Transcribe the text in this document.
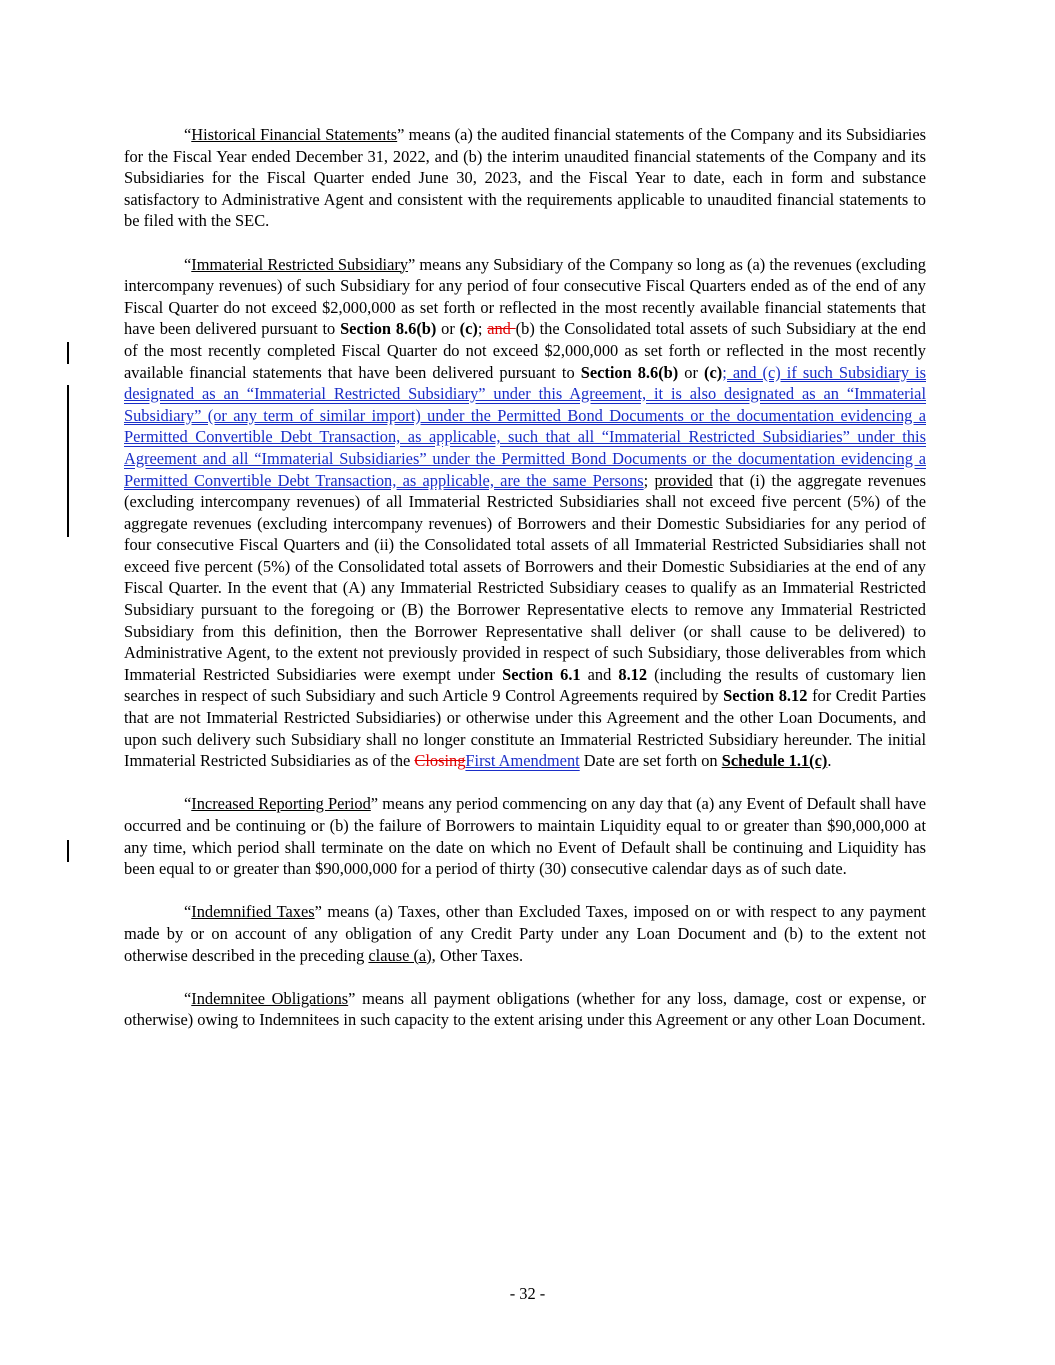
“Historical Financial Statements” means (a) the audited financial statements of the Company and its Subsidiaries for the Fiscal Year ended December 31, 2022, and (b) the interim unaudited financial statements of the Company and its Subsidiaries for the Fiscal Quarter ended June 30, 2023, and the Fiscal Year to date, each in form and substance satisfactory to Administrative Agent and consistent with the requirements applicable to unaudited financial statements to be filed with the SEC.

“Immaterial Restricted Subsidiary” means any Subsidiary of the Company so long as (a) the revenues (excluding intercompany revenues) of such Subsidiary for any period of four consecutive Fiscal Quarters ended as of the end of any Fiscal Quarter do not exceed $2,000,000 as set forth or reflected in the most recently available financial statements that have been delivered pursuant to Section 8.6(b) or (c); and (b) the Consolidated total assets of such Subsidiary at the end of the most recently completed Fiscal Quarter do not exceed $2,000,000 as set forth or reflected in the most recently available financial statements that have been delivered pursuant to Section 8.6(b) or (c); and (c) if such Subsidiary is designated as an “Immaterial Restricted Subsidiary” under this Agreement, it is also designated as an “Immaterial Subsidiary” (or any term of similar import) under the Permitted Bond Documents or the documentation evidencing a Permitted Convertible Debt Transaction, as applicable, such that all “Immaterial Restricted Subsidiaries” under this Agreement and all “Immaterial Subsidiaries” under the Permitted Bond Documents or the documentation evidencing a Permitted Convertible Debt Transaction, as applicable, are the same Persons; provided that (i) the aggregate revenues (excluding intercompany revenues) of all Immaterial Restricted Subsidiaries shall not exceed five percent (5%) of the aggregate revenues (excluding intercompany revenues) of Borrowers and their Domestic Subsidiaries for any period of four consecutive Fiscal Quarters and (ii) the Consolidated total assets of all Immaterial Restricted Subsidiaries shall not exceed five percent (5%) of the Consolidated total assets of Borrowers and their Domestic Subsidiaries at the end of any Fiscal Quarter. In the event that (A) any Immaterial Restricted Subsidiary ceases to qualify as an Immaterial Restricted Subsidiary pursuant to the foregoing or (B) the Borrower Representative elects to remove any Immaterial Restricted Subsidiary from this definition, then the Borrower Representative shall deliver (or shall cause to be delivered) to Administrative Agent, to the extent not previously provided in respect of such Subsidiary, those deliverables from which Immaterial Restricted Subsidiaries were exempt under Section 6.1 and 8.12 (including the results of customary lien searches in respect of such Subsidiary and such Article 9 Control Agreements required by Section 8.12 for Credit Parties that are not Immaterial Restricted Subsidiaries) or otherwise under this Agreement and the other Loan Documents, and upon such delivery such Subsidiary shall no longer constitute an Immaterial Restricted Subsidiary hereunder. The initial Immaterial Restricted Subsidiaries as of the ClosingFirst Amendment Date are set forth on Schedule 1.1(c).

“Increased Reporting Period” means any period commencing on any day that (a) any Event of Default shall have occurred and be continuing or (b) the failure of Borrowers to maintain Liquidity equal to or greater than $90,000,000 at any time, which period shall terminate on the date on which no Event of Default shall be continuing and Liquidity has been equal to or greater than $90,000,000 for a period of thirty (30) consecutive calendar days as of such date.

“Indemnified Taxes” means (a) Taxes, other than Excluded Taxes, imposed on or with respect to any payment made by or on account of any obligation of any Credit Party under any Loan Document and (b) to the extent not otherwise described in the preceding clause (a), Other Taxes.

“Indemnitee Obligations” means all payment obligations (whether for any loss, damage, cost or expense, or otherwise) owing to Indemnitees in such capacity to the extent arising under this Agreement or any other Loan Document.

- 32 -
